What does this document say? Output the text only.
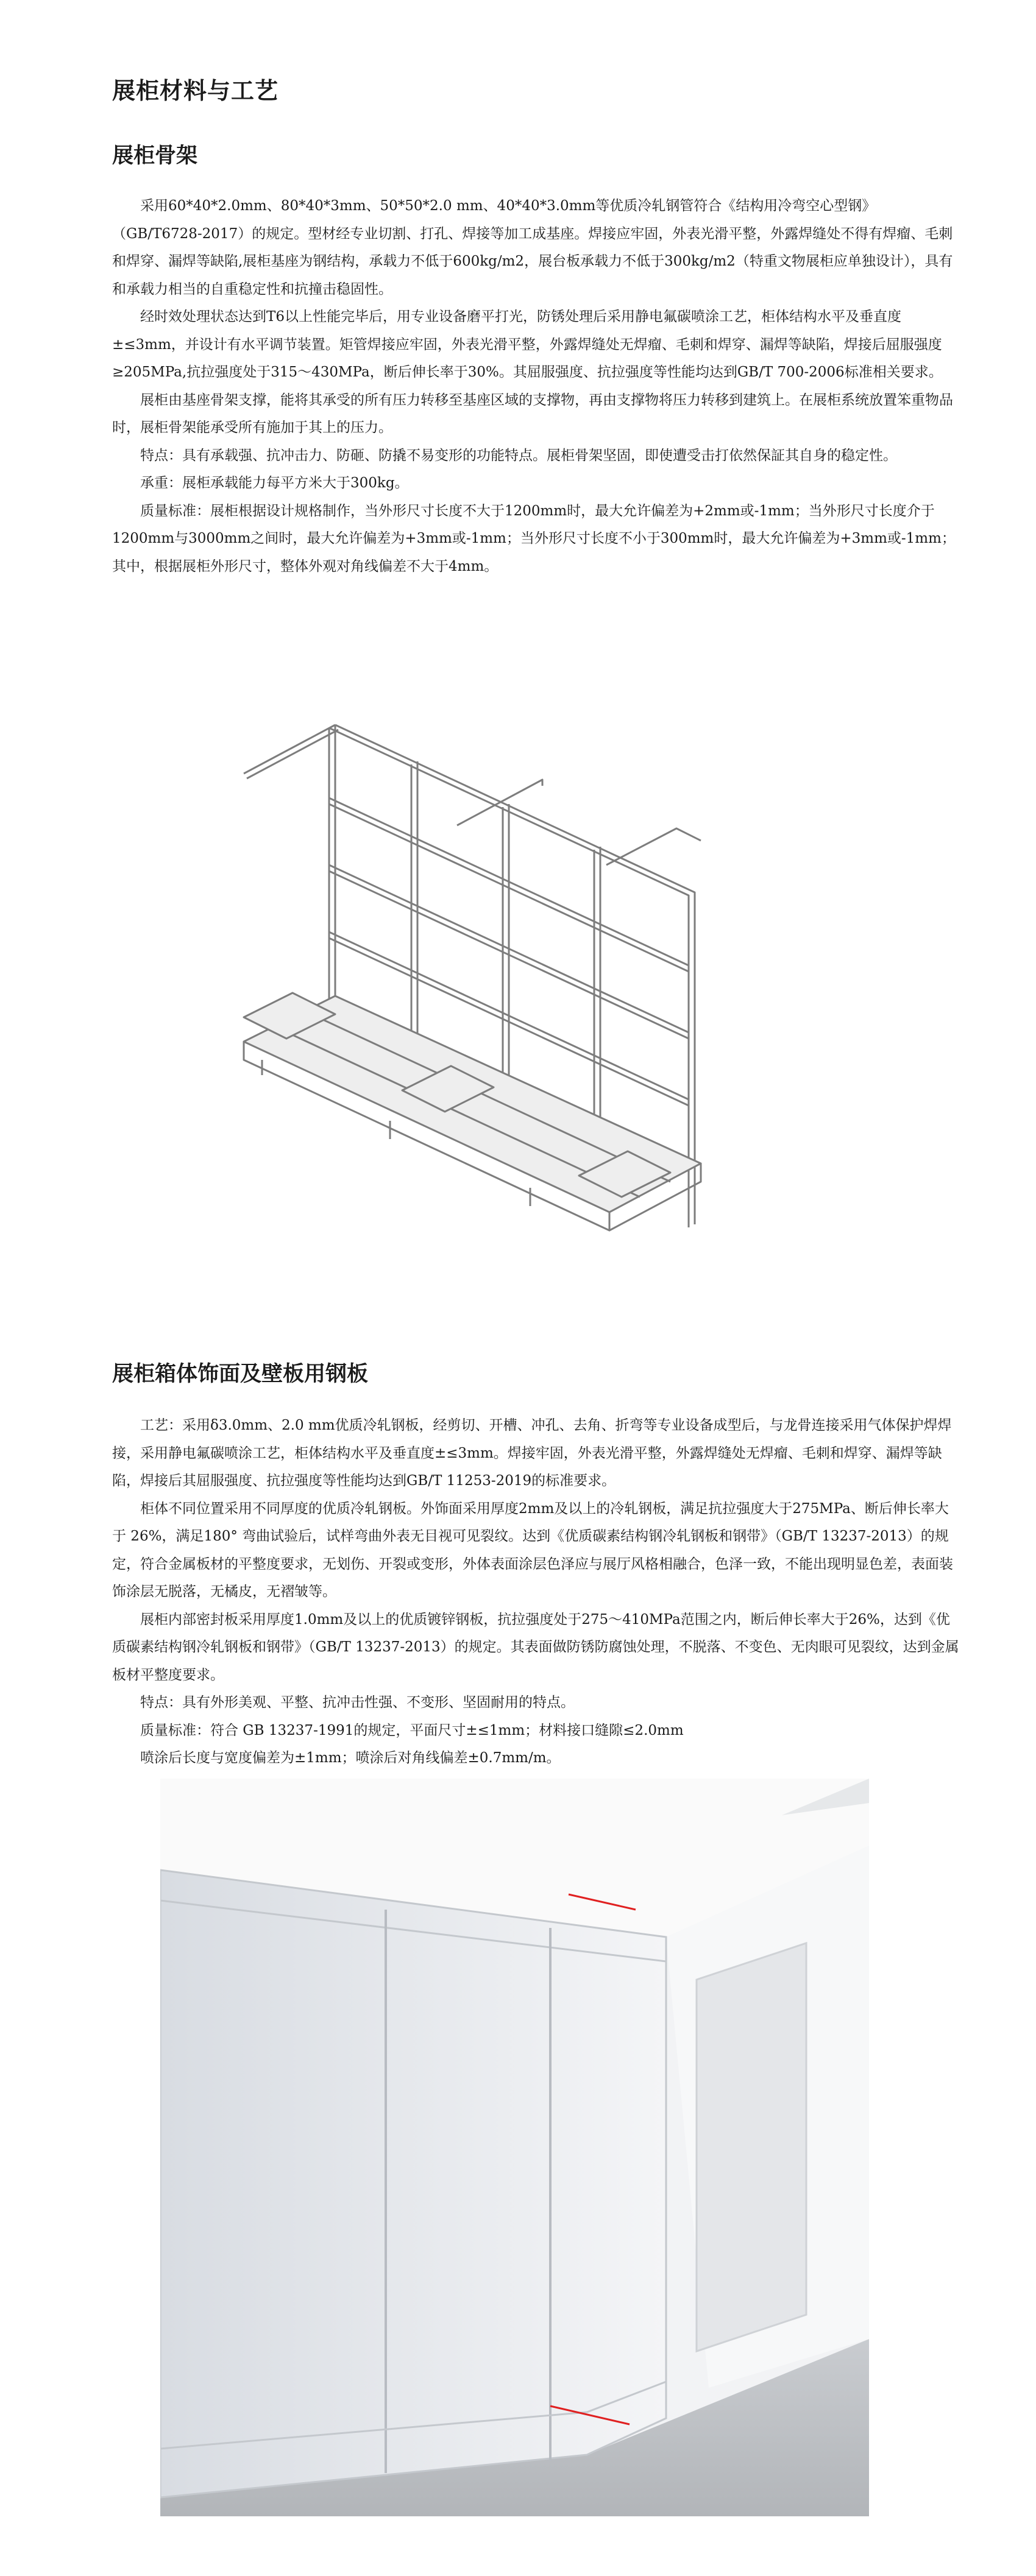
展柜材料与工艺
展柜骨架

采用60*40*2.0mm、80*40*3mm、50*50*2.0 mm、40*40*3.0mm等优质冷轧钢管符合《结构用冷弯空心型钢》

（GB/T6728-2017）的规定。型材经专业切割、打孔、焊接等加工成基座。焊接应牢固，外表光滑平整，外露焊缝处不得有焊瘤、毛刺和焊穿、漏焊等缺陷,展柜基座为钢结构，承载力不低于600kg/m2，展台板承载力不低于300kg/m2（特重文物展柜应单独设计），具有和承载力相当的自重稳定性和抗撞击稳固性。

经时效处理状态达到T6以上性能完毕后，用专业设备磨平打光，防锈处理后采用静电氟碳喷涂工艺，柜体结构水平及垂直度±≤3mm，并设计有水平调节装置。矩管焊接应牢固，外表光滑平整，外露焊缝处无焊瘤、毛刺和焊穿、漏焊等缺陷，焊接后屈服强度≥205MPa,抗拉强度处于315～430MPa，断后伸长率于30%。其屈服强度、抗拉强度等性能均达到GB/T 700-2006标准相关要求。

展柜由基座骨架支撑，能将其承受的所有压力转移至基座区域的支撑物，再由支撑物将压力转移到建筑上。在展柜系统放置笨重物品时，展柜骨架能承受所有施加于其上的压力。

特点：具有承载强、抗冲击力、防砸、防撬不易变形的功能特点。展柜骨架坚固，即使遭受击打依然保証其自身的稳定性。

承重：展柜承载能力每平方米大于300kg。

质量标准：展柜根据设计规格制作，当外形尺寸长度不大于1200mm时，最大允许偏差为+2mm或-1mm；当外形尺寸长度介于1200mm与3000mm之间时，最大允许偏差为+3mm或-1mm；当外形尺寸长度不小于300mm时，最大允许偏差为+3mm或-1mm；其中，根据展柜外形尺寸，整体外观对角线偏差不大于4mm。

展柜箱体饰面及壁板用钢板

工艺：采用δ3.0mm、2.0 mm优质冷轧钢板，经剪切、开槽、冲孔、去角、折弯等专业设备成型后，与龙骨连接采用气体保护焊焊接，采用静电氟碳喷涂工艺，柜体结构水平及垂直度±≤3mm。焊接牢固，外表光滑平整，外露焊缝处无焊瘤、毛刺和焊穿、漏焊等缺陷，焊接后其屈服强度、抗拉强度等性能均达到GB/T 11253-2019的标准要求。

柜体不同位置采用不同厚度的优质冷轧钢板。外饰面采用厚度2mm及以上的冷轧钢板，满足抗拉强度大于275MPa、断后伸长率大于 26%，满足180° 弯曲试验后，试样弯曲外表无目视可见裂纹。达到《优质碳素结构钢冷轧钢板和钢带》（GB/T 13237-2013）的规定，符合金属板材的平整度要求，无划伤、开裂或变形，外体表面涂层色泽应与展厅风格相融合，色泽一致，不能出现明显色差，表面装饰涂层无脱落，无橘皮，无褶皱等。

展柜内部密封板采用厚度1.0mm及以上的优质镀锌钢板，抗拉强度处于275～410MPa范围之内，断后伸长率大于26%，达到《优质碳素结构钢冷轧钢板和钢带》（GB/T 13237-2013）的规定。其表面做防锈防腐蚀处理，不脱落、不变色、无肉眼可见裂纹，达到金属板材平整度要求。

特点：具有外形美观、平整、抗冲击性强、不变形、坚固耐用的特点。

质量标准：符合 GB 13237-1991的规定，平面尺寸±≤1mm；材料接口缝隙≤2.0mm

喷涂后长度与宽度偏差为±1mm；喷涂后对角线偏差±0.7mm/m。
